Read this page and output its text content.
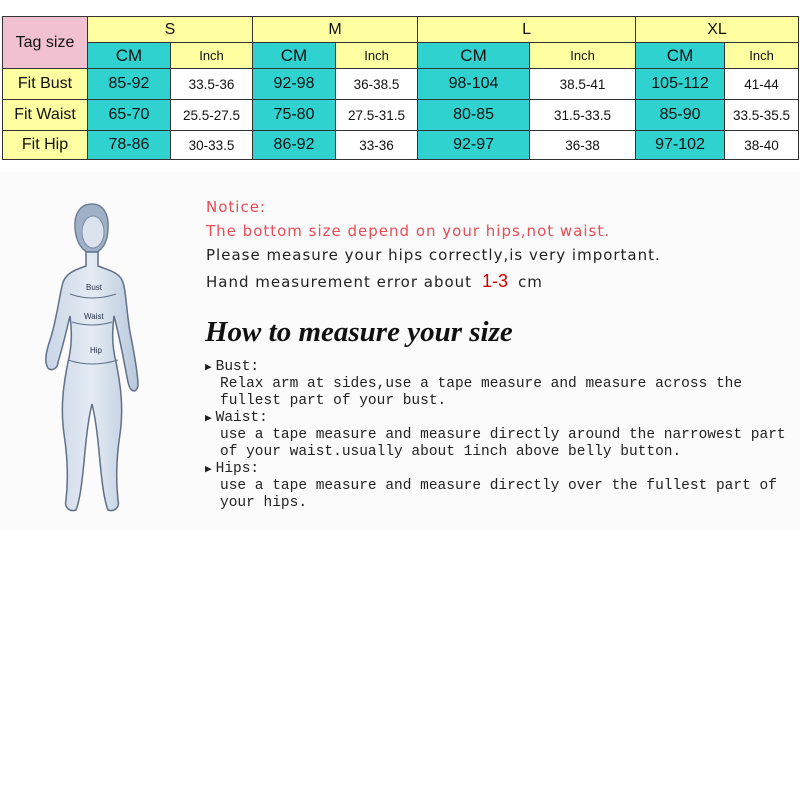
Tag size	S		M		L		XL	
	CM	Inch	CM	Inch	CM	Inch	CM	Inch
Fit Bust	85-92	33.5-36	92-98	36-38.5	98-104	38.5-41	105-112	41-44
Fit Waist	65-70	25.5-27.5	75-80	27.5-31.5	80-85	31.5-33.5	85-90	33.5-35.5
Fit Hip	78-86	30-33.5	86-92	33-36	92-97	36-38	97-102	38-40
Bust
Waist
Hip
Notice:
The bottom size depend on your hips,not waist.
Please measure your hips correctly,is very important.
Hand measurement error about 1-3 cm
How to measure your size
▶ Bust:
Relax arm at sides,use a tape measure and measure across the
fullest part of your bust.
▶ Waist:
use a tape measure and measure directly around the narrowest part
of your waist.usually about 1inch above belly button.
▶ Hips:
use a tape measure and measure directly over the fullest part of
your hips.
